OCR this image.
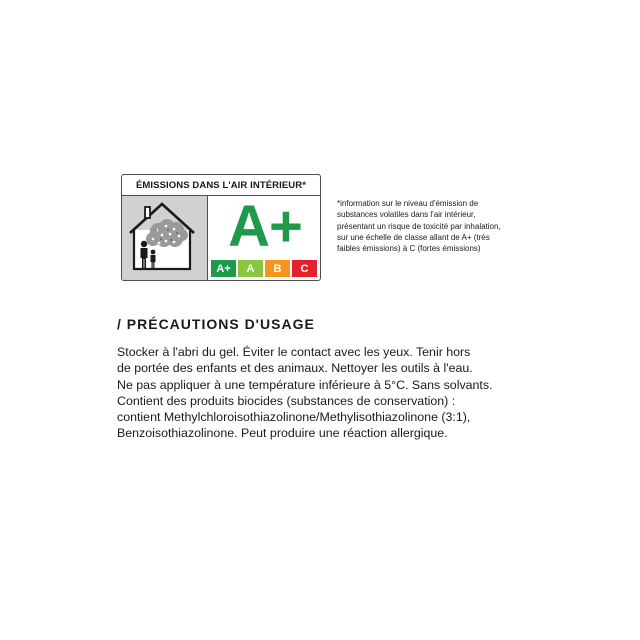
ÉMISSIONS DANS L'AIR INTÉRIEUR*
A+
A+	A	B	C

*information sur le niveau d'émission de
substances volatiles dans l'air intérieur,
présentant un risque de toxicité par inhalation,
sur une échelle de classe allant de A+ (très
faibles émissions) à C (fortes émissions)

/ PRÉCAUTIONS D'USAGE

Stocker à l'abri du gel. Éviter le contact avec les yeux. Tenir hors
de portée des enfants et des animaux. Nettoyer les outils à l'eau.
Ne pas appliquer à une température inférieure à 5°C. Sans solvants.
Contient des produits biocides (substances de conservation) :
contient Methylchloroisothiazolinone/Methylisothiazolinone (3:1),
Benzoisothiazolinone. Peut produire une réaction allergique.
